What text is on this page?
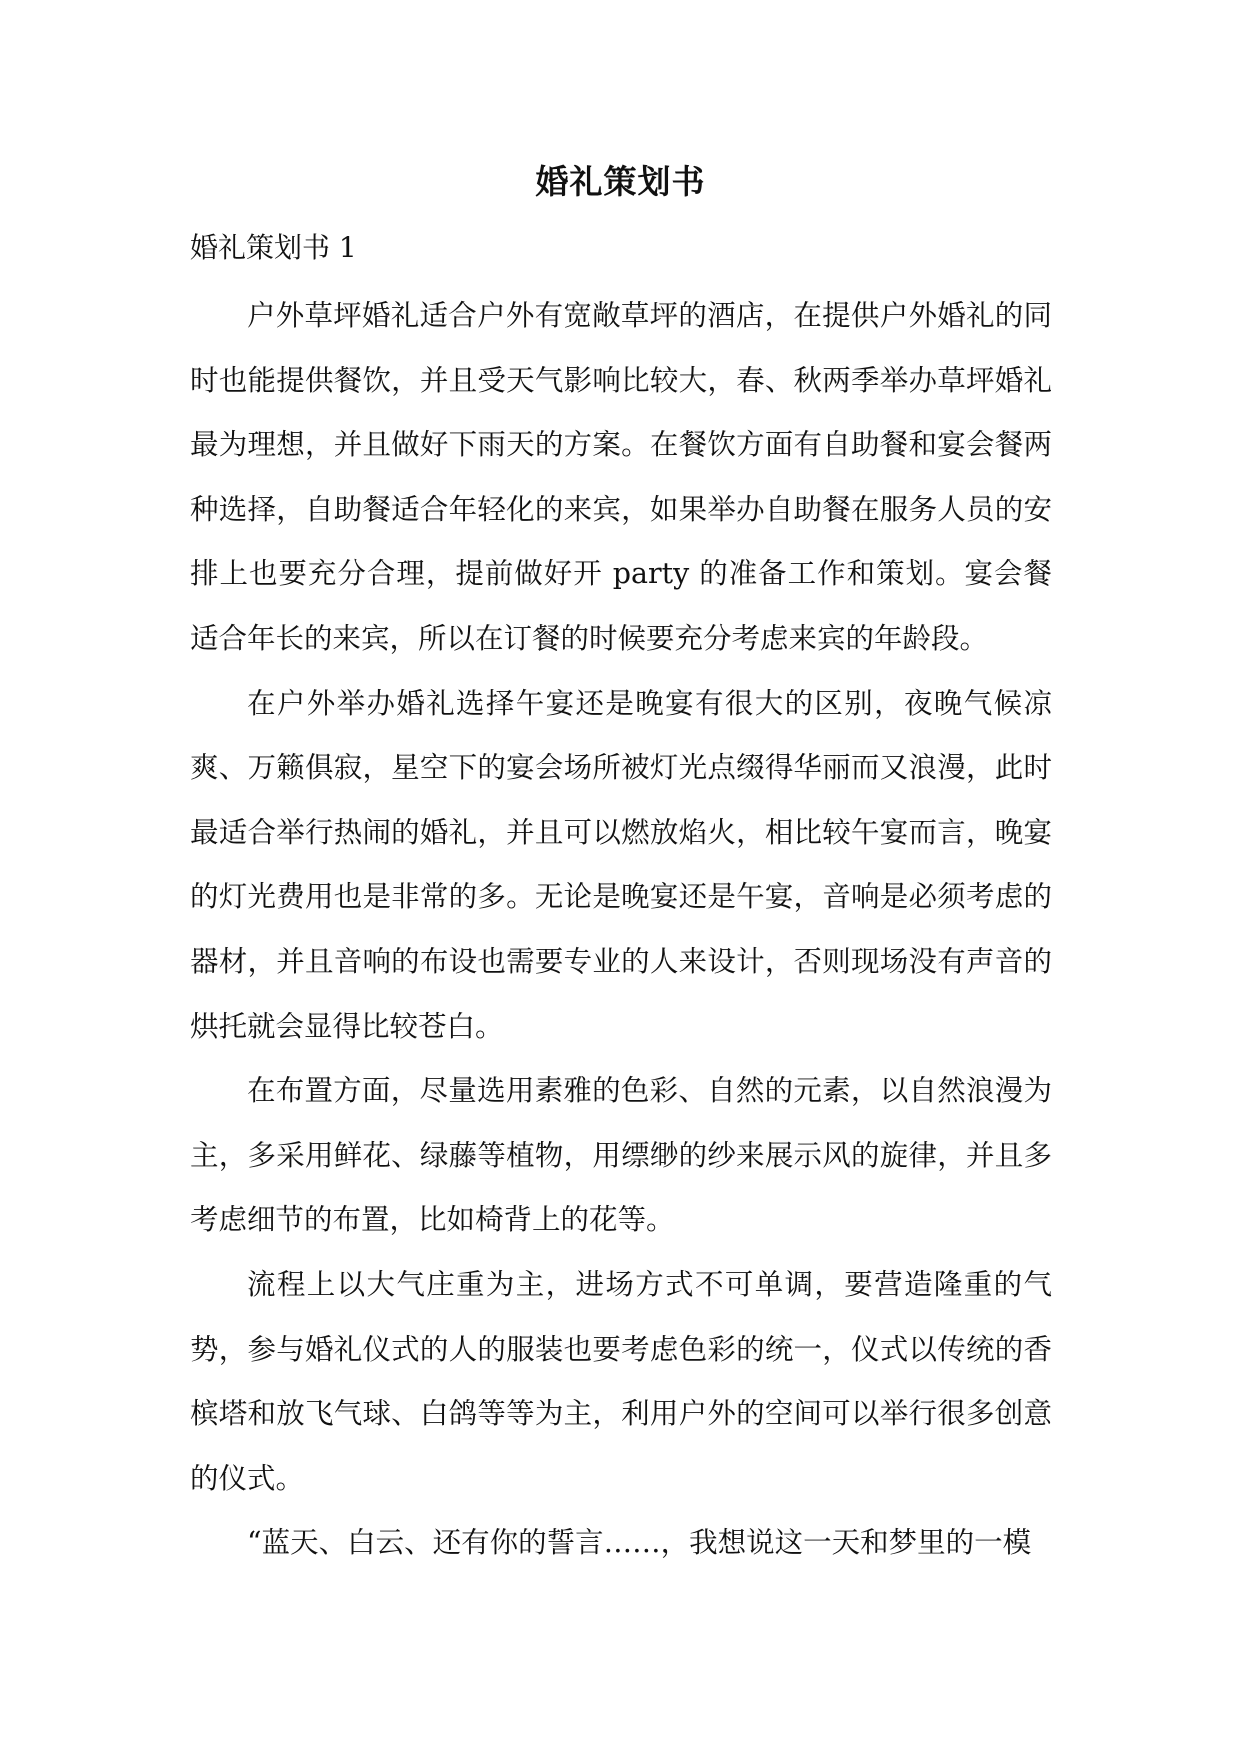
婚礼策划书
婚礼策划书 1

户外草坪婚礼适合户外有宽敞草坪的酒店，在提供户外婚礼的同时也能提供餐饮，并且受天气影响比较大，春、秋两季举办草坪婚礼最为理想，并且做好下雨天的方案。在餐饮方面有自助餐和宴会餐两种选择，自助餐适合年轻化的来宾，如果举办自助餐在服务人员的安排上也要充分合理，提前做好开 party 的准备工作和策划。宴会餐适合年长的来宾，所以在订餐的时候要充分考虑来宾的年龄段。

在户外举办婚礼选择午宴还是晚宴有很大的区别，夜晚气候凉爽、万籁俱寂，星空下的宴会场所被灯光点缀得华丽而又浪漫，此时最适合举行热闹的婚礼，并且可以燃放焰火，相比较午宴而言，晚宴的灯光费用也是非常的多。无论是晚宴还是午宴，音响是必须考虑的器材，并且音响的布设也需要专业的人来设计，否则现场没有声音的烘托就会显得比较苍白。

在布置方面，尽量选用素雅的色彩、自然的元素，以自然浪漫为主，多采用鲜花、绿藤等植物，用缥缈的纱来展示风的旋律，并且多考虑细节的布置，比如椅背上的花等。

流程上以大气庄重为主，进场方式不可单调，要营造隆重的气势，参与婚礼仪式的人的服装也要考虑色彩的统一，仪式以传统的香槟塔和放飞气球、白鸽等等为主，利用户外的空间可以举行很多创意的仪式。

“蓝天、白云、还有你的誓言……，我想说这一天和梦里的一模
